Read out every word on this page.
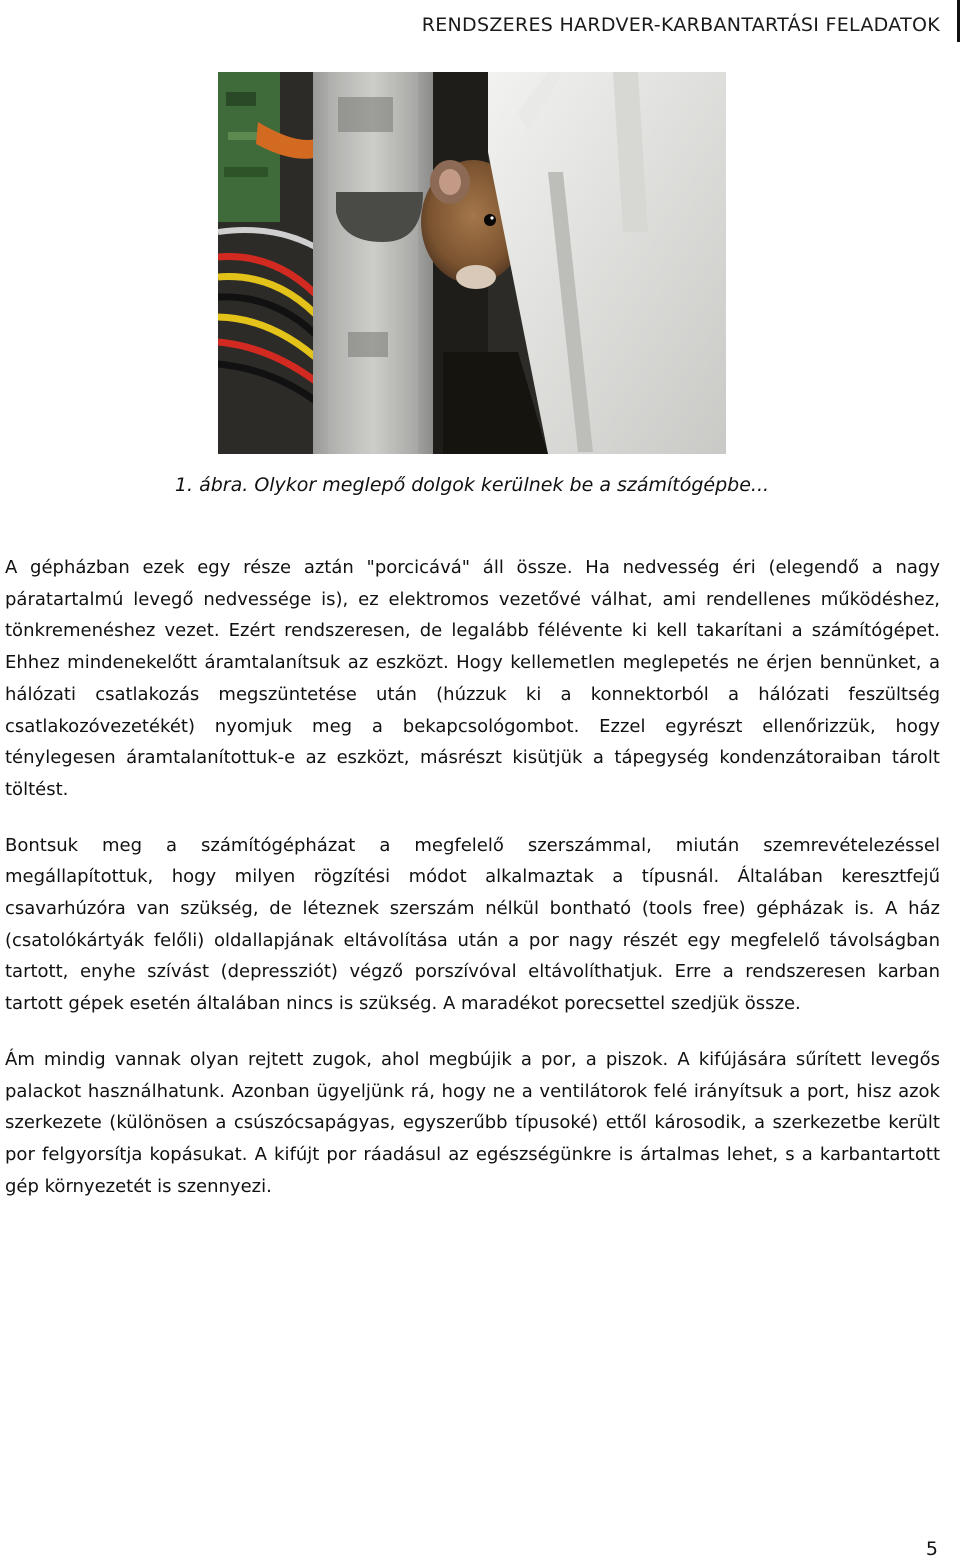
RENDSZERES HARDVER-KARBANTARTÁSI FELADATOK
1. ábra. Olykor meglepő dolgok kerülnek be a számítógépbe...

A gépházban ezek egy része aztán "porcicává" áll össze. Ha nedvesség éri (elegendő a nagy páratartalmú levegő nedvessége is), ez elektromos vezetővé válhat, ami rendellenes működéshez, tönkremenéshez vezet. Ezért rendszeresen, de legalább félévente ki kell takarítani a számítógépet. Ehhez mindenekelőtt áramtalanítsuk az eszközt. Hogy kellemetlen meglepetés ne érjen bennünket, a hálózati csatlakozás megszüntetése után (húzzuk ki a konnektorból a hálózati feszültség csatlakozóvezetékét) nyomjuk meg a bekapcsológombot. Ezzel egyrészt ellenőrizzük, hogy ténylegesen áramtalanítottuk-e az eszközt, másrészt kisütjük a tápegység kondenzátoraiban tárolt töltést.

Bontsuk meg a számítógépházat a megfelelő szerszámmal, miután szemrevételezéssel megállapítottuk, hogy milyen rögzítési módot alkalmaztak a típusnál. Általában keresztfejű csavarhúzóra van szükség, de léteznek szerszám nélkül bontható (tools free) gépházak is. A ház (csatolókártyák felőli) oldallapjának eltávolítása után a por nagy részét egy megfelelő távolságban tartott, enyhe szívást (depressziót) végző porszívóval eltávolíthatjuk. Erre a rendszeresen karban tartott gépek esetén általában nincs is szükség. A maradékot porecsettel szedjük össze.

Ám mindig vannak olyan rejtett zugok, ahol megbújik a por, a piszok. A kifújására sűrített levegős palackot használhatunk. Azonban ügyeljünk rá, hogy ne a ventilátorok felé irányítsuk a port, hisz azok szerkezete (különösen a csúszócsapágyas, egyszerűbb típusoké) ettől károsodik, a szerkezetbe került por felgyorsítja kopásukat. A kifújt por ráadásul az egészségünkre is ártalmas lehet, s a karbantartott gép környezetét is szennyezi.

5
